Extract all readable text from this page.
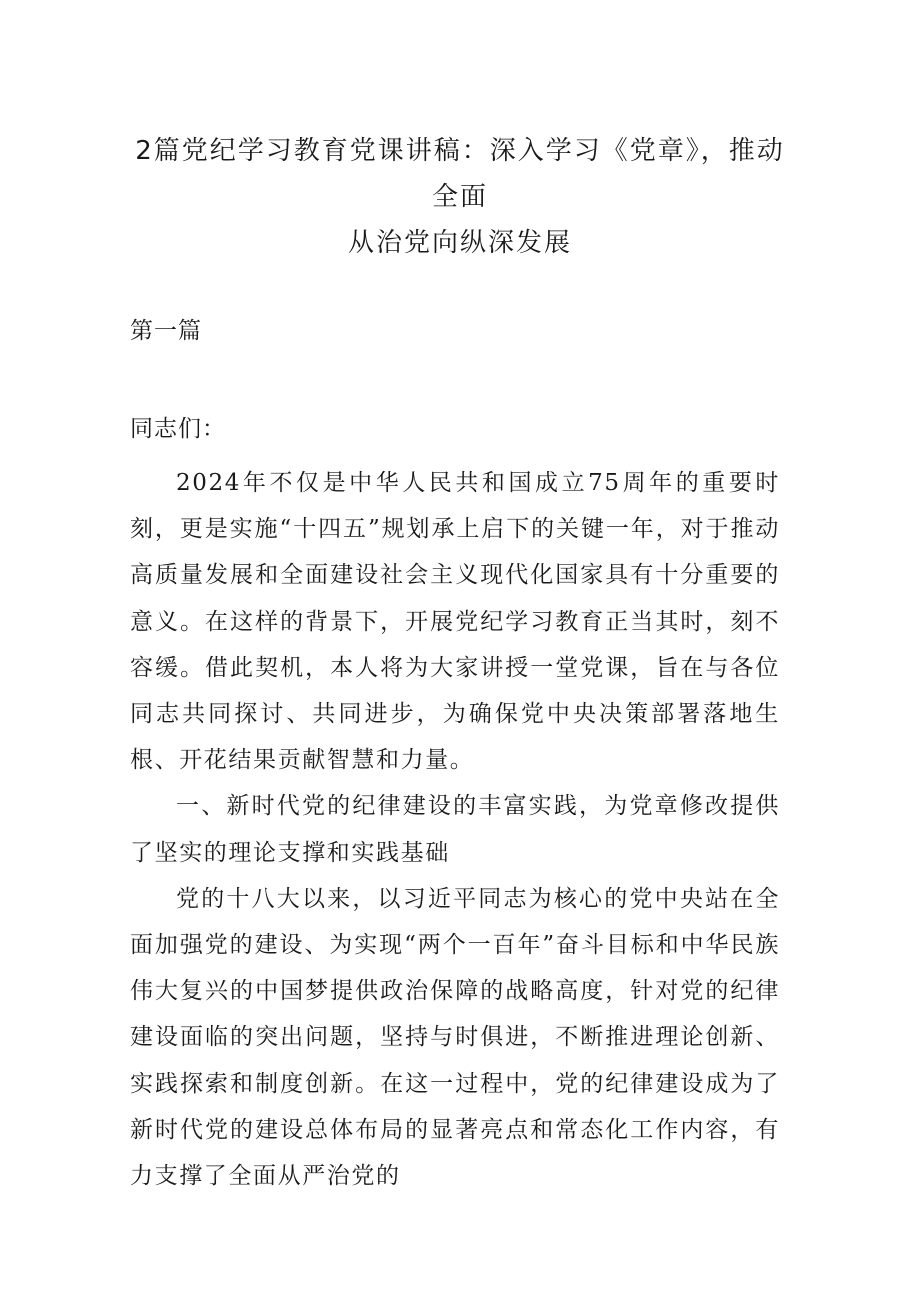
2篇党纪学习教育党课讲稿：深入学习《党章》，推动全面
从治党向纵深发展
第一篇
同志们：

2024年不仅是中华人民共和国成立75周年的重要时刻，更是实施“十四五”规划承上启下的关键一年，对于推动高质量发展和全面建设社会主义现代化国家具有十分重要的意义。在这样的背景下，开展党纪学习教育正当其时，刻不容缓。借此契机，本人将为大家讲授一堂党课，旨在与各位同志共同探讨、共同进步，为确保党中央决策部署落地生根、开花结果贡献智慧和力量。

一、新时代党的纪律建设的丰富实践，为党章修改提供了坚实的理论支撑和实践基础

党的十八大以来，以习近平同志为核心的党中央站在全面加强党的建设、为实现“两个一百年”奋斗目标和中华民族伟大复兴的中国梦提供政治保障的战略高度，针对党的纪律建设面临的突出问题，坚持与时俱进，不断推进理论创新、实践探索和制度创新。在这一过程中，党的纪律建设成为了新时代党的建设总体布局的显著亮点和常态化工作内容，有力支撑了全面从严治党的
